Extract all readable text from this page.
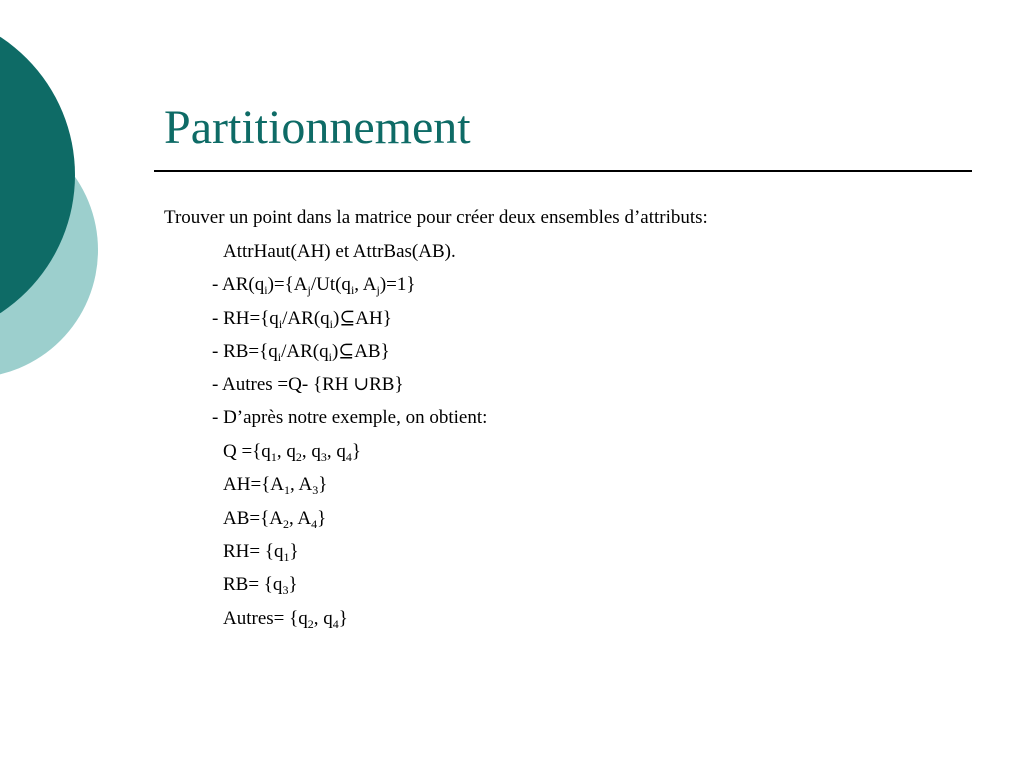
Partitionnement
Trouver un point dans la matrice pour créer deux ensembles d’attributs:
AttrHaut(AH) et AttrBas(AB).
- $AR(q_i)=\{A_j/Ut(q_i$, $A_j)=1$}
- $RH=\{q_i/AR(q_i)⊆AH\}$
- $RB=\{q_i/AR(q_i)⊆AB\}$
- Autres =Q- {RH ∪RB}
- D’après notre exemple, on obtient:
$Q =\{q_1$, $q_2$, $q_3$, $q_4$}
$AH=\{A_1$, $A_3$}
$AB=\{A_2$, $A_4$}
$RH= \{q_1\}$
$RB= \{q_3\}$
Autres= {$q_2$, $q_4$}
